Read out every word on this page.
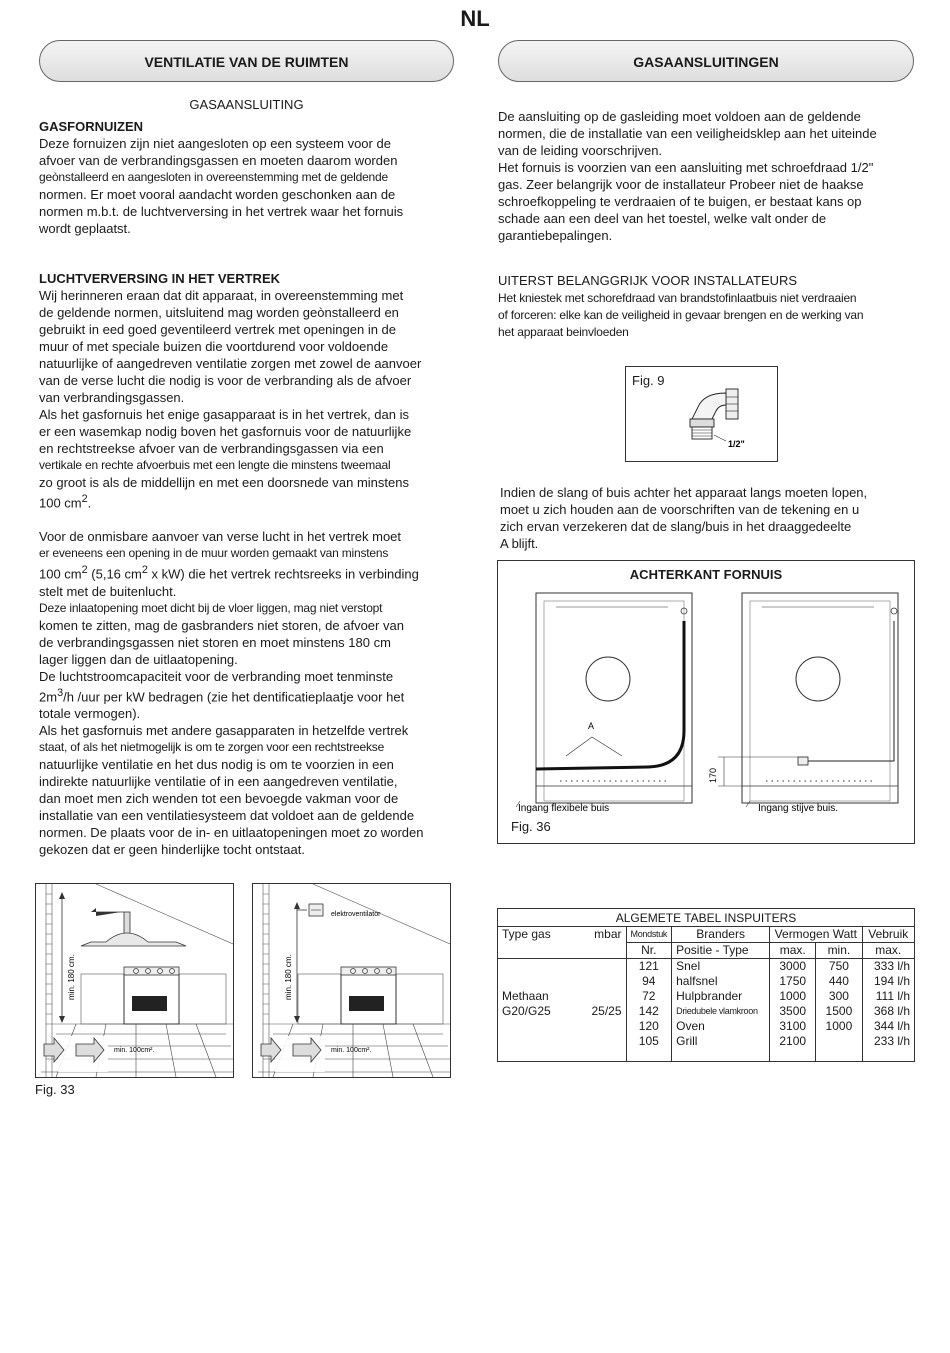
NL
VENTILATIE VAN DE RUIMTEN
GASAANSLUITING
GASFORNUIZEN

Deze fornuizen zijn niet aangesloten op een systeem voor de

afvoer van de verbrandingsgassen en moeten daarom worden

geònstalleerd en aangesloten in overeenstemming met de geldende

normen. Er moet vooral aandacht worden geschonken aan de

normen m.b.t. de luchtverversing in het vertrek waar het fornuis

wordt geplaatst.

LUCHTVERVERSING IN HET VERTREK

Wij herinneren eraan dat dit apparaat, in overeenstemming met

de geldende normen, uitsluitend mag worden geònstalleerd en

gebruikt in eed goed geventileerd vertrek met openingen in de

muur of met speciale buizen die voortdurend voor voldoende

natuurlijke of aangedreven ventilatie zorgen met zowel de aanvoer

van de verse lucht die nodig is voor de verbranding als de afvoer

van verbrandingsgassen.

Als het gasfornuis het enige gasapparaat is in het vertrek, dan is

er een wasemkap nodig boven het gasfornuis voor de natuurlijke

en rechtstreekse afvoer van de verbrandingsgassen via een

vertikale en rechte afvoerbuis met een lengte die minstens tweemaal

zo groot is als de middellijn en met een doorsnede van minstens

100 $cm^2$.

Voor de onmisbare aanvoer van verse lucht in het vertrek moet

er eveneens een opening in de muur worden gemaakt van minstens

100 $cm^2$ (5,16 $cm^2$ x kW) die het vertrek rechtsreeks in verbinding

stelt met de buitenlucht.

Deze inlaatopening moet dicht bij de vloer liggen, mag niet verstopt

komen te zitten, mag de gasbranders niet storen, de afvoer van

de verbrandingsgassen niet storen en moet minstens 180 cm

lager liggen dan de uitlaatopening.

De luchtstroomcapaciteit voor de verbranding moet tenminste

$2m^3/h$ /uur per kW bedragen (zie het dentificatieplaatje voor het

totale vermogen).

Als het gasfornuis met andere gasapparaten in hetzelfde vertrek

staat, of als het nietmogelijk is om te zorgen voor een rechtstreekse

natuurlijke ventilatie en het dus nodig is om te voorzien in een

indirekte natuurlijke ventilatie of in een aangedreven ventilatie,

dan moet men zich wenden tot een bevoegde vakman voor de

installatie van een ventilatiesysteem dat voldoet aan de geldende

normen. De plaats voor de in- en uitlaatopeningen moet zo worden

gekozen dat er geen hinderlijke tocht ontstaat.

min. 180 cm.
min. 100cm².
elektroventilator
min. 180 cm.
min. 100cm².
Fig. 33
GASAANSLUITINGEN

De aansluiting op de gasleiding moet voldoen aan de geldende

normen, die de installatie van een veiligheidsklep aan het uiteinde

van de leiding voorschrijven.

Het fornuis is voorzien van een aansluiting met schroefdraad 1/2"

gas. Zeer belangrijk voor de installateur Probeer niet de haakse

schroefkoppeling te verdraaien of te buigen, er bestaat kans op

schade aan een deel van het toestel, welke valt onder de

garantiebepalingen.

UITERST BELANGGRIJK VOOR INSTALLATEURS

Het kniestek met schorefdraad van brandstofinlaatbuis niet verdraaien

of forceren: elke kan de veiligheid in gevaar brengen en de werking van

het apparaat beinvloeden

Fig. 9
1/2"

Indien de slang of buis achter het apparaat langs moeten lopen,

moet u zich houden aan de voorschriften van de tekening en u

zich ervan verzekeren dat de slang/buis in het draaggedeelte

A blijft.

ACHTERKANT FORNUIS
A
Ingang flexibele buis
170
Ingang stijve buis.
Fig. 36
ALGEMETE TABEL INSPUITERS						
Type gas	mbar	Mondstuk	Branders	Vermogen Watt		Vebruik
		Nr.	Positie - Type	max.	min.	max.

Methaan
G20/G25	25/25	121	Snel	3000	750	333 l/h
		94	halfsnel	1750	440	194 l/h
		72	Hulpbrander	1000	300	111 l/h
		142	Driedubele vlamkroon	3500	1500	368 l/h
		120	Oven	3100	1000	344 l/h
		105	Grill	2100		233 l/h
